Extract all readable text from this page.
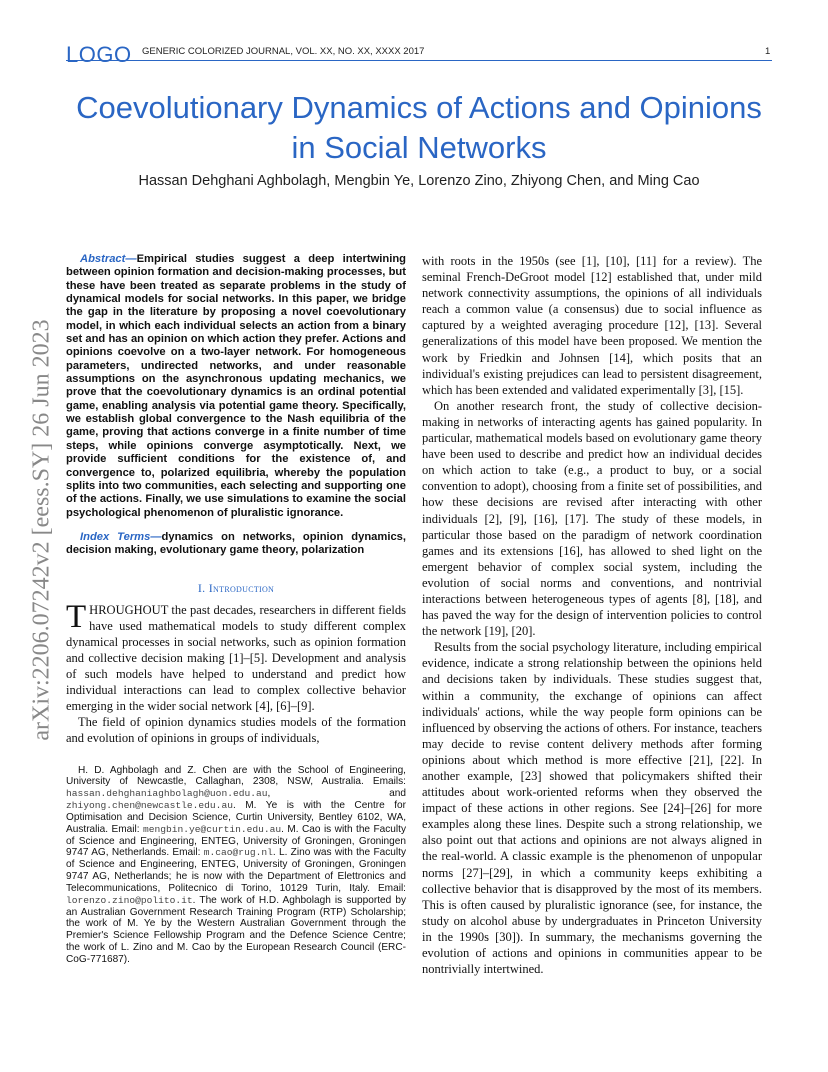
LOGO GENERIC COLORIZED JOURNAL, VOL. XX, NO. XX, XXXX 2017	1
Coevolutionary Dynamics of Actions and Opinions in Social Networks
Hassan Dehghani Aghbolagh, Mengbin Ye, Lorenzo Zino, Zhiyong Chen, and Ming Cao
arXiv:2206.07242v2 [eess.SY] 26 Jun 2023

Abstract—Empirical studies suggest a deep intertwining between opinion formation and decision-making processes, but these have been treated as separate problems in the study of dynamical models for social networks. In this paper, we bridge the gap in the literature by proposing a novel coevolutionary model, in which each individual selects an action from a binary set and has an opinion on which action they prefer. Actions and opinions coevolve on a two-layer network. For homogeneous parameters, undirected networks, and under reasonable assumptions on the asynchronous updating mechanics, we prove that the coevolutionary dynamics is an ordinal potential game, enabling analysis via potential game theory. Specifically, we establish global convergence to the Nash equilibria of the game, proving that actions converge in a finite number of time steps, while opinions converge asymptotically. Next, we provide sufficient conditions for the existence of, and convergence to, polarized equilibria, whereby the population splits into two communities, each selecting and supporting one of the actions. Finally, we use simulations to examine the social psychological phenomenon of pluralistic ignorance.

Index Terms—dynamics on networks, opinion dynamics, decision making, evolutionary game theory, polarization

I. Introduction

THROUGHOUT the past decades, researchers in different fields have used mathematical models to study different complex dynamical processes in social networks, such as opinion formation and collective decision making [1]–[5]. Development and analysis of such models have helped to understand and predict how individual interactions can lead to complex collective behavior emerging in the wider social network [4], [6]–[9].

The field of opinion dynamics studies models of the formation and evolution of opinions in groups of individuals,

H. D. Aghbolagh and Z. Chen are with the School of Engineering, University of Newcastle, Callaghan, 2308, NSW, Australia. Emails: hassan.dehghaniaghbolagh@uon.edu.au, and zhiyong.chen@newcastle.edu.au. M. Ye is with the Centre for Optimisation and Decision Science, Curtin University, Bentley 6102, WA, Australia. Email: mengbin.ye@curtin.edu.au. M. Cao is with the Faculty of Science and Engineering, ENTEG, University of Groningen, Groningen 9747 AG, Netherlands. Email: m.cao@rug.nl. L. Zino was with the Faculty of Science and Engineering, ENTEG, University of Groningen, Groningen 9747 AG, Netherlands; he is now with the Department of Elettronics and Telecommunications, Politecnico di Torino, 10129 Turin, Italy. Email: lorenzo.zino@polito.it. The work of H.D. Aghbolagh is supported by an Australian Government Research Training Program (RTP) Scholarship; the work of M. Ye by the Western Australian Government through the Premier's Science Fellowship Program and the Defence Science Centre; the work of L. Zino and M. Cao by the European Research Council (ERC-CoG-771687).

with roots in the 1950s (see [1], [10], [11] for a review). The seminal French-DeGroot model [12] established that, under mild network connectivity assumptions, the opinions of all individuals reach a common value (a consensus) due to social influence as captured by a weighted averaging procedure [12], [13]. Several generalizations of this model have been proposed. We mention the work by Friedkin and Johnsen [14], which posits that an individual's existing prejudices can lead to persistent disagreement, which has been extended and validated experimentally [3], [15].

On another research front, the study of collective decision-making in networks of interacting agents has gained popularity. In particular, mathematical models based on evolutionary game theory have been used to describe and predict how an individual decides on which action to take (e.g., a product to buy, or a social convention to adopt), choosing from a finite set of possibilities, and how these decisions are revised after interacting with other individuals [2], [9], [16], [17]. The study of these models, in particular those based on the paradigm of network coordination games and its extensions [16], has allowed to shed light on the emergent behavior of complex social system, including the evolution of social norms and conventions, and nontrivial interactions between heterogeneous types of agents [8], [18], and has paved the way for the design of intervention policies to control the network [19], [20].

Results from the social psychology literature, including empirical evidence, indicate a strong relationship between the opinions held and decisions taken by individuals. These studies suggest that, within a community, the exchange of opinions can affect individuals' actions, while the way people form opinions can be influenced by observing the actions of others. For instance, teachers may decide to revise content delivery methods after forming opinions about which method is more effective [21], [22]. In another example, [23] showed that policymakers shifted their attitudes about work-oriented reforms when they observed the impact of these actions in other regions. See [24]–[26] for more examples along these lines. Despite such a strong relationship, we also point out that actions and opinions are not always aligned in the real-world. A classic example is the phenomenon of unpopular norms [27]–[29], in which a community keeps exhibiting a collective behavior that is disapproved by the most of its members. This is often caused by pluralistic ignorance (see, for instance, the study on alcohol abuse by undergraduates in Princeton University in the 1990s [30]). In summary, the mechanisms governing the evolution of actions and opinions in communities appear to be nontrivially intertwined.
